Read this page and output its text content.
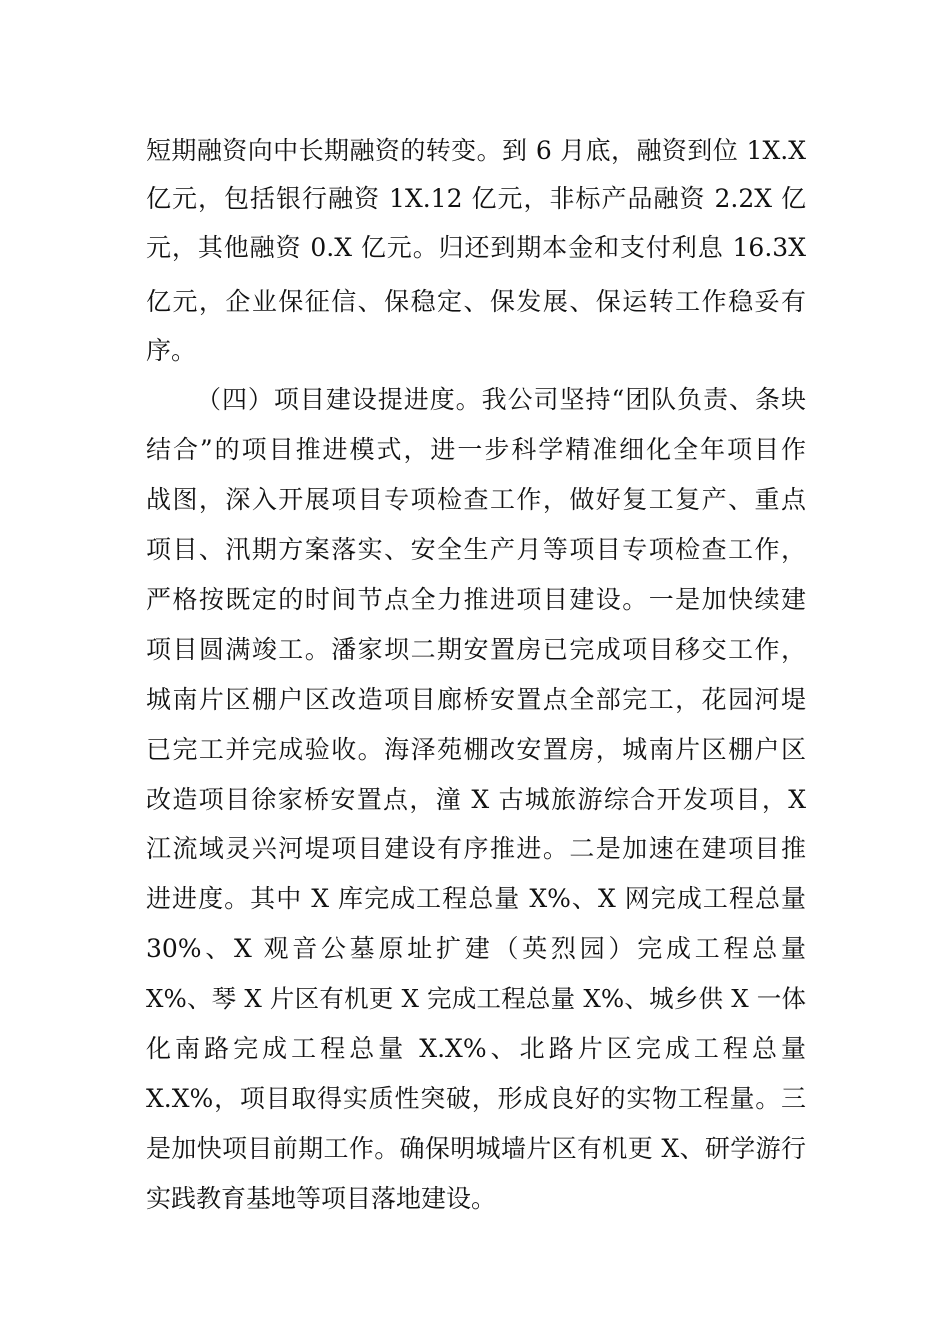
短期融资向中长期融资的转变。到 6 月底，融资到位 1X.X
亿元，包括银行融资 1X.12 亿元，非标产品融资 2.2X 亿
元，其他融资 0.X 亿元。归还到期本金和支付利息 16.3X
亿元，企业保征信、保稳定、保发展、保运转工作稳妥有
序。
（四）项目建设提进度。我公司坚持“团队负责、条块
结合”的项目推进模式，进一步科学精准细化全年项目作
战图，深入开展项目专项检查工作，做好复工复产、重点
项目、汛期方案落实、安全生产月等项目专项检查工作，
严格按既定的时间节点全力推进项目建设。一是加快续建
项目圆满竣工。潘家坝二期安置房已完成项目移交工作，
城南片区棚户区改造项目廊桥安置点全部完工，花园河堤
已完工并完成验收。海泽苑棚改安置房，城南片区棚户区
改造项目徐家桥安置点，潼 X 古城旅游综合开发项目，X
江流域灵兴河堤项目建设有序推进。二是加速在建项目推
进进度。其中 X 库完成工程总量 X%、X 网完成工程总量
30%、X 观音公墓原址扩建（英烈园）完成工程总量
X%、琴 X 片区有机更 X 完成工程总量 X%、城乡供 X 一体
化南路完成工程总量 X.X%、北路片区完成工程总量
X.X%，项目取得实质性突破，形成良好的实物工程量。三
是加快项目前期工作。确保明城墙片区有机更 X、研学游行
实践教育基地等项目落地建设。
